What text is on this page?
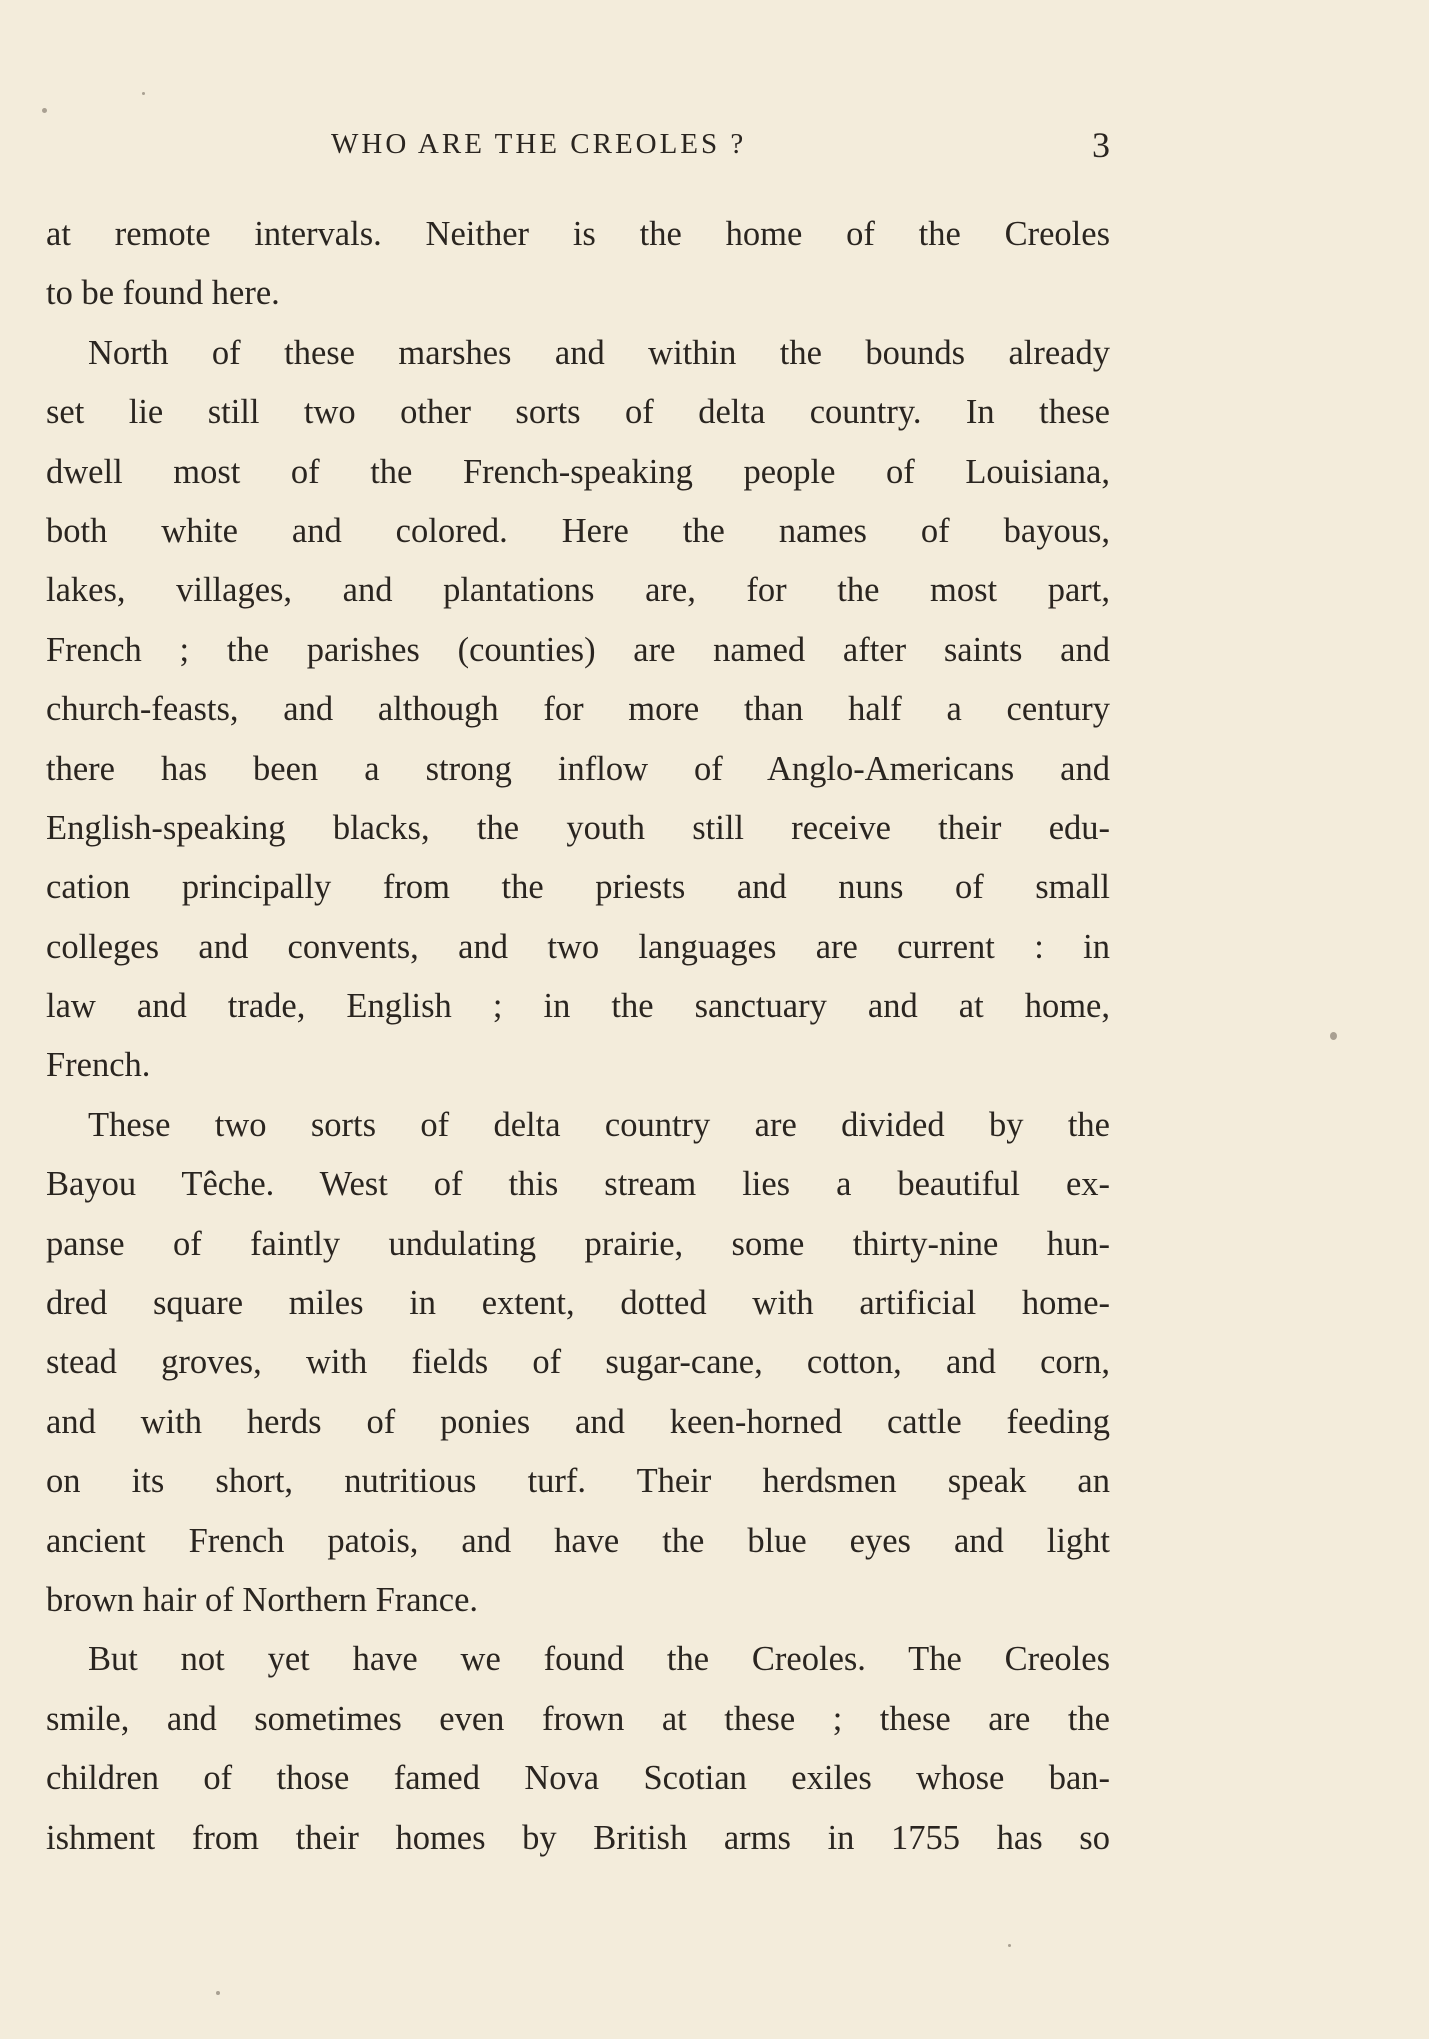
WHO ARE THE CREOLES ?	3
at remote intervals. Neither is the home of the Creoles
to be found here.
North of these marshes and within the bounds already
set lie still two other sorts of delta country. In these
dwell most of the French-speaking people of Louisiana,
both white and colored. Here the names of bayous,
lakes, villages, and plantations are, for the most part,
French ; the parishes (counties) are named after saints and
church-feasts, and although for more than half a century
there has been a strong inflow of Anglo-Americans and
English-speaking blacks, the youth still receive their edu-
cation principally from the priests and nuns of small
colleges and convents, and two languages are current : in
law and trade, English ; in the sanctuary and at home,
French.
These two sorts of delta country are divided by the
Bayou Têche. West of this stream lies a beautiful ex-
panse of faintly undulating prairie, some thirty-nine hun-
dred square miles in extent, dotted with artificial home-
stead groves, with fields of sugar-cane, cotton, and corn,
and with herds of ponies and keen-horned cattle feeding
on its short, nutritious turf. Their herdsmen speak an
ancient French patois, and have the blue eyes and light
brown hair of Northern France.
But not yet have we found the Creoles. The Creoles
smile, and sometimes even frown at these ; these are the
children of those famed Nova Scotian exiles whose ban-
ishment from their homes by British arms in 1755 has so
